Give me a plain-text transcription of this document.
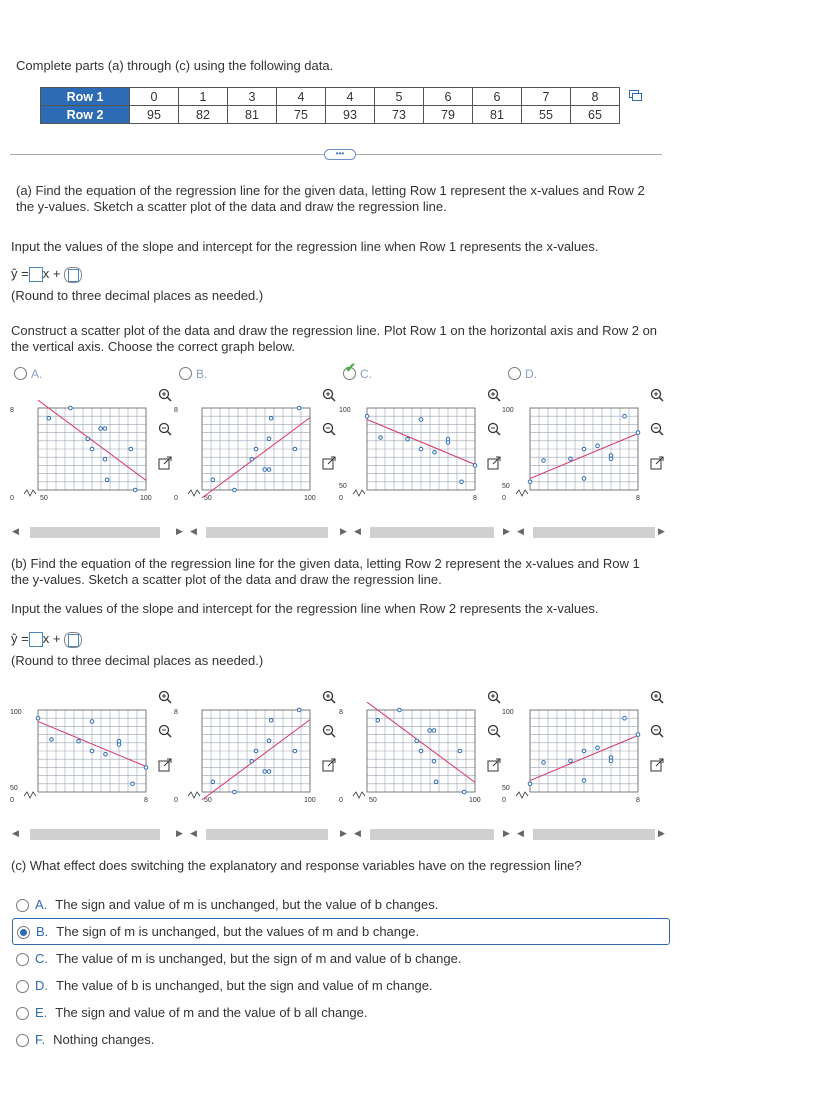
Complete parts (a) through (c) using the following data.
Row 1	0	1	3	4	4	5	6	6	7	8
Row 2	95	82	81	75	93	73	79	81	55	65
•••
(a) Find the equation of the regression line for the given data, letting Row 1 represent the x-values and Row 2
the y-values. Sketch a scatter plot of the data and draw the regression line.
Input the values of the slope and intercept for the regression line when Row 1 represents the x-values.
ŷ = x +
(Round to three decimal places as needed.)
Construct a scatter plot of the data and draw the regression line. Plot Row 1 on the horizontal axis and Row 2 on
the vertical axis. Choose the correct graph below.
A.	B.	C.
✔	D.
0
8
50	100	0
8
50	100	0
100
50
8	0
100
50
8
◀	▶ ◀	▶ ◀	▶ ◀	▶
(b) Find the equation of the regression line for the given data, letting Row 2 represent the x-values and Row 1
the y-values. Sketch a scatter plot of the data and draw the regression line.
Input the values of the slope and intercept for the regression line when Row 2 represents the x-values.
ŷ = x +
(Round to three decimal places as needed.)
0
100
50
8	0
8
50	100	0
8
50	100	0
100
50
8
◀	▶ ◀	▶ ◀	▶ ◀	▶
(c) What effect does switching the explanatory and response variables have on the regression line?
A. The sign and value of m is unchanged, but the value of b changes.
B. The sign of m is unchanged, but the values of m and b change.
C. The value of m is unchanged, but the sign of m and value of b change.
D. The value of b is unchanged, but the sign and value of m change.
E. The sign and value of m and the value of b all change.
F. Nothing changes.
